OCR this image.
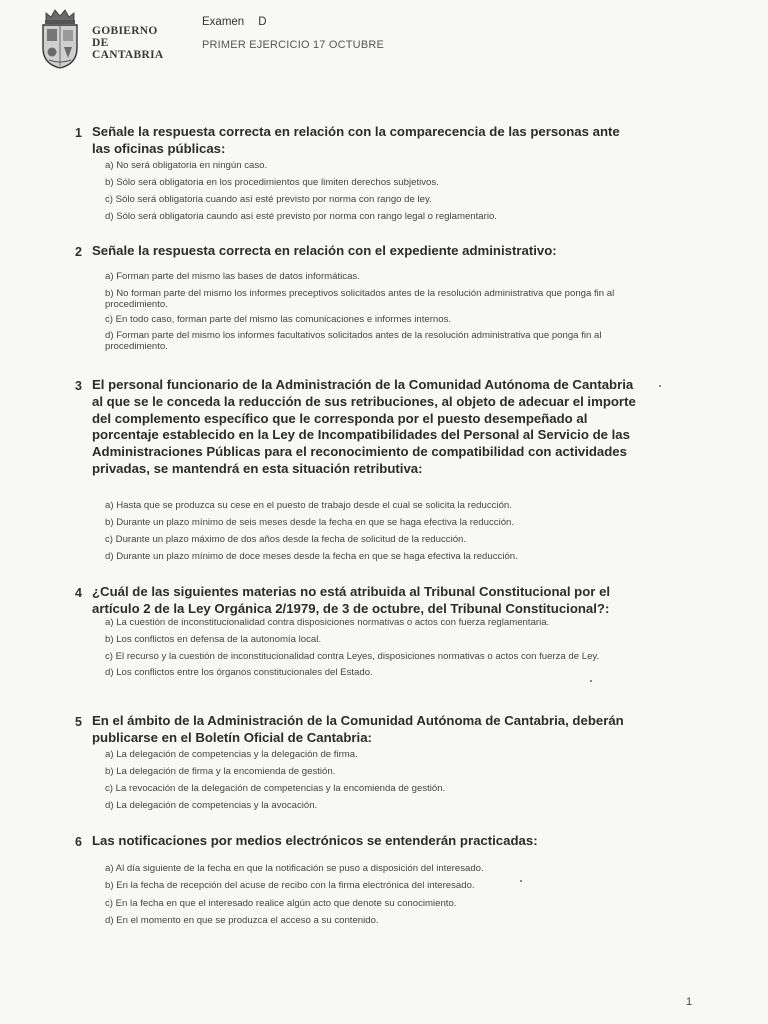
GOBIERNO
DE
CANTABRIA
Examen D
PRIMER EJERCICIO 17 OCTUBRE
1 Señale la respuesta correcta en relación con la comparecencia de las personas ante las oficinas públicas:

a) No será obligatoria en ningún caso.
b) Sólo será obligatoria en los procedimientos que limiten derechos subjetivos.
c) Sólo será obligatoria cuando así esté previsto por norma con rango de ley.
d) Sólo será obligatoria caundo así esté previsto por norma con rango legal o reglamentario.
2 Señale la respuesta correcta en relación con el expediente administrativo:

a) Forman parte del mismo las bases de datos informáticas.
b) No forman parte del mismo los informes preceptivos solicitados antes de la resolución administrativa que ponga fin al procedimiento.
c) En todo caso, forman parte del mismo las comunicaciones e informes internos.
d) Forman parte del mismo los informes facultativos solicitados antes de la resolución administrativa que ponga fin al procedimiento.
3 El personal funcionario de la Administración de la Comunidad Autónoma de Cantabria al que se le conceda la reducción de sus retribuciones, al objeto de adecuar el importe del complemento específico que le corresponda por el puesto desempeñado al porcentaje establecido en la Ley de Incompatibilidades del Personal al Servicio de las Administraciones Públicas para el reconocimiento de compatibilidad con actividades privadas, se mantendrá en esta situación retributiva:

a) Hasta que se produzca su cese en el puesto de trabajo desde el cual se solicita la reducción.
b) Durante un plazo mínimo de seis meses desde la fecha en que se haga efectiva la reducción.
c) Durante un plazo máximo de dos años desde la fecha de solicitud de la reducción.
d) Durante un plazo mínimo de doce meses desde la fecha en que se haga efectiva la reducción.
4 ¿Cuál de las siguientes materias no está atribuida al Tribunal Constitucional por el artículo 2 de la Ley Orgánica 2/1979, de 3 de octubre, del Tribunal Constitucional?:

a) La cuestión de inconstitucionalidad contra disposiciones normativas o actos con fuerza reglamentaria.
b) Los conflictos en defensa de la autonomía local.
c) El recurso y la cuestión de inconstitucionalidad contra Leyes, disposiciones normativas o actos con fuerza de Ley.
d) Los conflictos entre los órganos constitucionales del Estado.
5 En el ámbito de la Administración de la Comunidad Autónoma de Cantabria, deberán publicarse en el Boletín Oficial de Cantabria:

a) La delegación de competencias y la delegación de firma.
b) La delegación de firma y la encomienda de gestión.
c) La revocación de la delegación de competencias y la encomienda de gestión.
d) La delegación de competencias y la avocación.
6 Las notificaciones por medios electrónicos se entenderán practicadas:

a) Al día siguiente de la fecha en que la notificación se puso a disposición del interesado.
b) En la fecha de recepción del acuse de recibo con la firma electrónica del interesado.
c) En la fecha en que el interesado realice algún acto que denote su conocimiento.
d) En el momento en que se produzca el acceso a su contenido.
1
